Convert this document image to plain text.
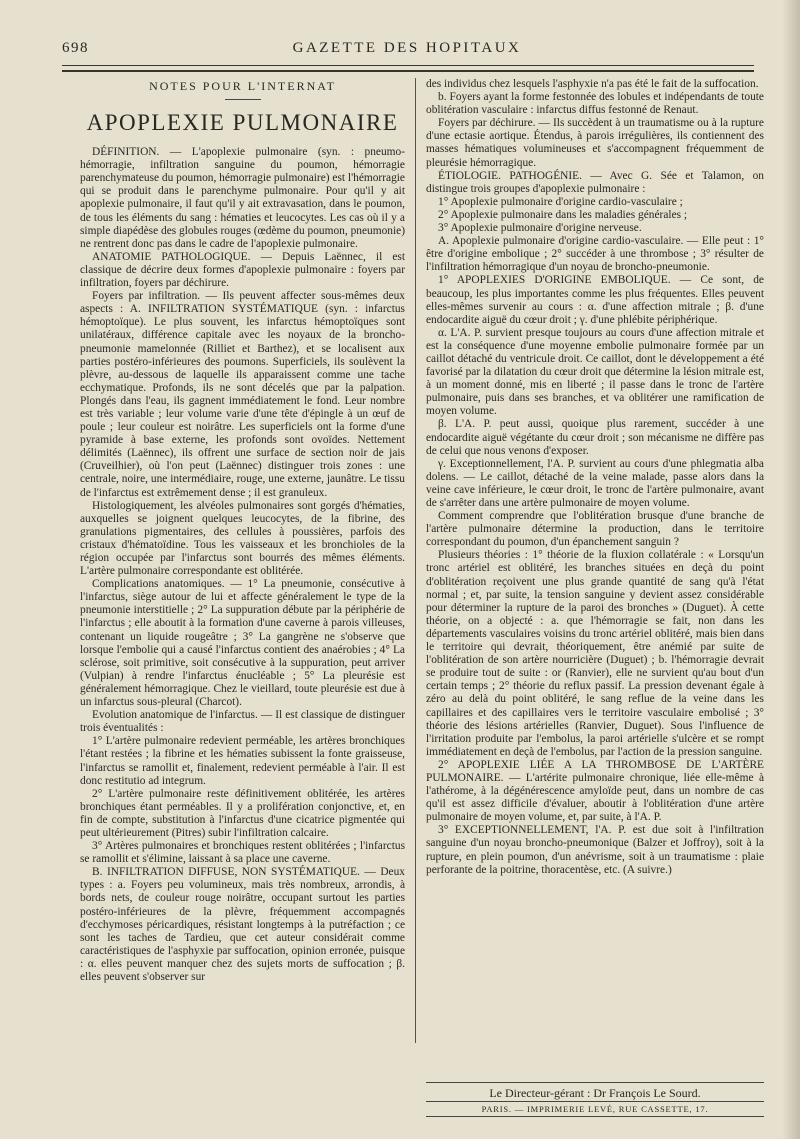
698	GAZETTE DES HOPITAUX
NOTES POUR L'INTERNAT
APOPLEXIE PULMONAIRE

DÉFINITION. — L'apoplexie pulmonaire (syn. : pneumo-hémorragie, infiltration sanguine du poumon, hémorragie parenchymateuse du poumon, hémorragie pulmonaire) est l'hémorragie qui se produit dans le parenchyme pulmonaire. Pour qu'il y ait apoplexie pulmonaire, il faut qu'il y ait extravasation, dans le poumon, de tous les éléments du sang : hématies et leucocytes. Les cas où il y a simple diapédèse des globules rouges (œdème du poumon, pneumonie) ne rentrent donc pas dans le cadre de l'apoplexie pulmonaire.

ANATOMIE PATHOLOGIQUE. — Depuis Laënnec, il est classique de décrire deux formes d'apoplexie pulmonaire : foyers par infiltration, foyers par déchirure.

Foyers par infiltration. — Ils peuvent affecter sous-mêmes deux aspects : A. INFILTRATION SYSTÉMATIQUE (syn. : infarctus hémoptoïque). Le plus souvent, les infarctus hémoptoïques sont unilatéraux, différence capitale avec les noyaux de la broncho-pneumonie mamelonnée (Rilliet et Barthez), et se localisent aux parties postéro-inférieures des poumons. Superficiels, ils soulèvent la plèvre, au-dessous de laquelle ils apparaissent comme une tache ecchymatique. Profonds, ils ne sont décelés que par la palpation. Plongés dans l'eau, ils gagnent immédiatement le fond. Leur nombre est très variable ; leur volume varie d'une tête d'épingle à un œuf de poule ; leur couleur est noirâtre. Les superficiels ont la forme d'une pyramide à base externe, les profonds sont ovoïdes. Nettement délimités (Laënnec), ils offrent une surface de section noir de jais (Cruveilhier), où l'on peut (Laënnec) distinguer trois zones : une centrale, noire, une intermédiaire, rouge, une externe, jaunâtre. Le tissu de l'infarctus est extrêmement dense ; il est granuleux.

Histologiquement, les alvéoles pulmonaires sont gorgés d'hématies, auxquelles se joignent quelques leucocytes, de la fibrine, des granulations pigmentaires, des cellules à poussières, parfois des cristaux d'hématoïdine. Tous les vaisseaux et les bronchioles de la région occupée par l'infarctus sont bourrés des mêmes éléments. L'artère pulmonaire correspondante est oblitérée.

Complications anatomiques. — 1° La pneumonie, consécutive à l'infarctus, siège autour de lui et affecte généralement le type de la pneumonie interstitielle ; 2° La suppuration débute par la périphérie de l'infarctus ; elle aboutit à la formation d'une caverne à parois villeuses, contenant un liquide rougeâtre ; 3° La gangrène ne s'observe que lorsque l'embolie qui a causé l'infarctus contient des anaérobies ; 4° La sclérose, soit primitive, soit consécutive à la suppuration, peut arriver (Vulpian) à rendre l'infarctus énucléable ; 5° La pleurésie est généralement hémorragique. Chez le vieillard, toute pleurésie est due à un infarctus sous-pleural (Charcot).

Evolution anatomique de l'infarctus. — Il est classique de distinguer trois éventualités :

1° L'artère pulmonaire redevient perméable, les artères bronchiques l'étant restées ; la fibrine et les hématies subissent la fonte graisseuse, l'infarctus se ramollit et, finalement, redevient perméable à l'air. Il est donc restitutio ad integrum.

2° L'artère pulmonaire reste définitivement oblitérée, les artères bronchiques étant perméables. Il y a prolifération conjonctive, et, en fin de compte, substitution à l'infarctus d'une cicatrice pigmentée qui peut ultérieurement (Pitres) subir l'infiltration calcaire.

3° Artères pulmonaires et bronchiques restent oblitérées ; l'infarctus se ramollit et s'élimine, laissant à sa place une caverne.

B. INFILTRATION DIFFUSE, NON SYSTÉMATIQUE. — Deux types : a. Foyers peu volumineux, mais très nombreux, arrondis, à bords nets, de couleur rouge noirâtre, occupant surtout les parties postéro-inférieures de la plèvre, fréquemment accompagnés d'ecchymoses péricardiques, résistant longtemps à la putréfaction ; ce sont les taches de Tardieu, que cet auteur considérait comme caractéristiques de l'asphyxie par suffocation, opinion erronée, puisque : α. elles peuvent manquer chez des sujets morts de suffocation ; β. elles peuvent s'observer sur

des individus chez lesquels l'asphyxie n'a pas été le fait de la suffocation.

b. Foyers ayant la forme festonnée des lobules et indépendants de toute oblitération vasculaire : infarctus diffus festonné de Renaut.

Foyers par déchirure. — Ils succèdent à un traumatisme ou à la rupture d'une ectasie aortique. Étendus, à parois irrégulières, ils contiennent des masses hématiques volumineuses et s'accompagnent fréquemment de pleurésie hémorragique.

ÉTIOLOGIE. PATHOGÉNIE. — Avec G. Sée et Talamon, on distingue trois groupes d'apoplexie pulmonaire :

1° Apoplexie pulmonaire d'origine cardio-vasculaire ;

2° Apoplexie pulmonaire dans les maladies générales ;

3° Apoplexie pulmonaire d'origine nerveuse.

A. Apoplexie pulmonaire d'origine cardio-vasculaire. — Elle peut : 1° être d'origine embolique ; 2° succéder à une thrombose ; 3° résulter de l'infiltration hémorragique d'un noyau de broncho-pneumonie.

1° APOPLEXIES D'ORIGINE EMBOLIQUE. — Ce sont, de beaucoup, les plus importantes comme les plus fréquentes. Elles peuvent elles-mêmes survenir au cours : α. d'une affection mitrale ; β. d'une endocardite aiguë du cœur droit ; γ. d'une phlébite périphérique.

α. L'A. P. survient presque toujours au cours d'une affection mitrale et est la conséquence d'une moyenne embolie pulmonaire formée par un caillot détaché du ventricule droit. Ce caillot, dont le développement a été favorisé par la dilatation du cœur droit que détermine la lésion mitrale est, à un moment donné, mis en liberté ; il passe dans le tronc de l'artère pulmonaire, puis dans ses branches, et va oblitérer une ramification de moyen volume.

β. L'A. P. peut aussi, quoique plus rarement, succéder à une endocardite aiguë végétante du cœur droit ; son mécanisme ne diffère pas de celui que nous venons d'exposer.

γ. Exceptionnellement, l'A. P. survient au cours d'une phlegmatia alba dolens. — Le caillot, détaché de la veine malade, passe alors dans la veine cave inférieure, le cœur droit, le tronc de l'artère pulmonaire, avant de s'arrêter dans une artère pulmonaire de moyen volume.

Comment comprendre que l'oblitération brusque d'une branche de l'artère pulmonaire détermine la production, dans le territoire correspondant du poumon, d'un épanchement sanguin ?

Plusieurs théories : 1° théorie de la fluxion collatérale : « Lorsqu'un tronc artériel est oblitéré, les branches situées en deçà du point d'oblitération reçoivent une plus grande quantité de sang qu'à l'état normal ; et, par suite, la tension sanguine y devient assez considérable pour déterminer la rupture de la paroi des bronches » (Duguet). À cette théorie, on a objecté : a. que l'hémorragie se fait, non dans les départements vasculaires voisins du tronc artériel oblitéré, mais bien dans le territoire qui devrait, théoriquement, être anémié par suite de l'oblitération de son artère nourricière (Duguet) ; b. l'hémorragie devrait se produire tout de suite : or (Ranvier), elle ne survient qu'au bout d'un certain temps ; 2° théorie du reflux passif. La pression devenant égale à zéro au delà du point oblitéré, le sang reflue de la veine dans les capillaires et des capillaires vers le territoire vasculaire embolisé ; 3° théorie des lésions artérielles (Ranvier, Duguet). Sous l'influence de l'irritation produite par l'embolus, la paroi artérielle s'ulcère et se rompt immédiatement en deçà de l'embolus, par l'action de la pression sanguine.

2° APOPLEXIE LIÉE A LA THROMBOSE DE L'ARTÈRE PULMONAIRE. — L'artérite pulmonaire chronique, liée elle-même à l'athérome, à la dégénérescence amyloïde peut, dans un nombre de cas qu'il est assez difficile d'évaluer, aboutir à l'oblitération d'une artère pulmonaire de moyen volume, et, par suite, à l'A. P.

3° EXCEPTIONNELLEMENT, l'A. P. est due soit à l'infiltration sanguine d'un noyau broncho-pneumonique (Balzer et Joffroy), soit à la rupture, en plein poumon, d'un anévrisme, soit à un traumatisme : plaie perforante de la poitrine, thoracentèse, etc. (A suivre.)

Le Directeur-gérant : Dr François Le Sourd.
PARIS. — IMPRIMERIE LEVÉ, RUE CASSETTE, 17.
